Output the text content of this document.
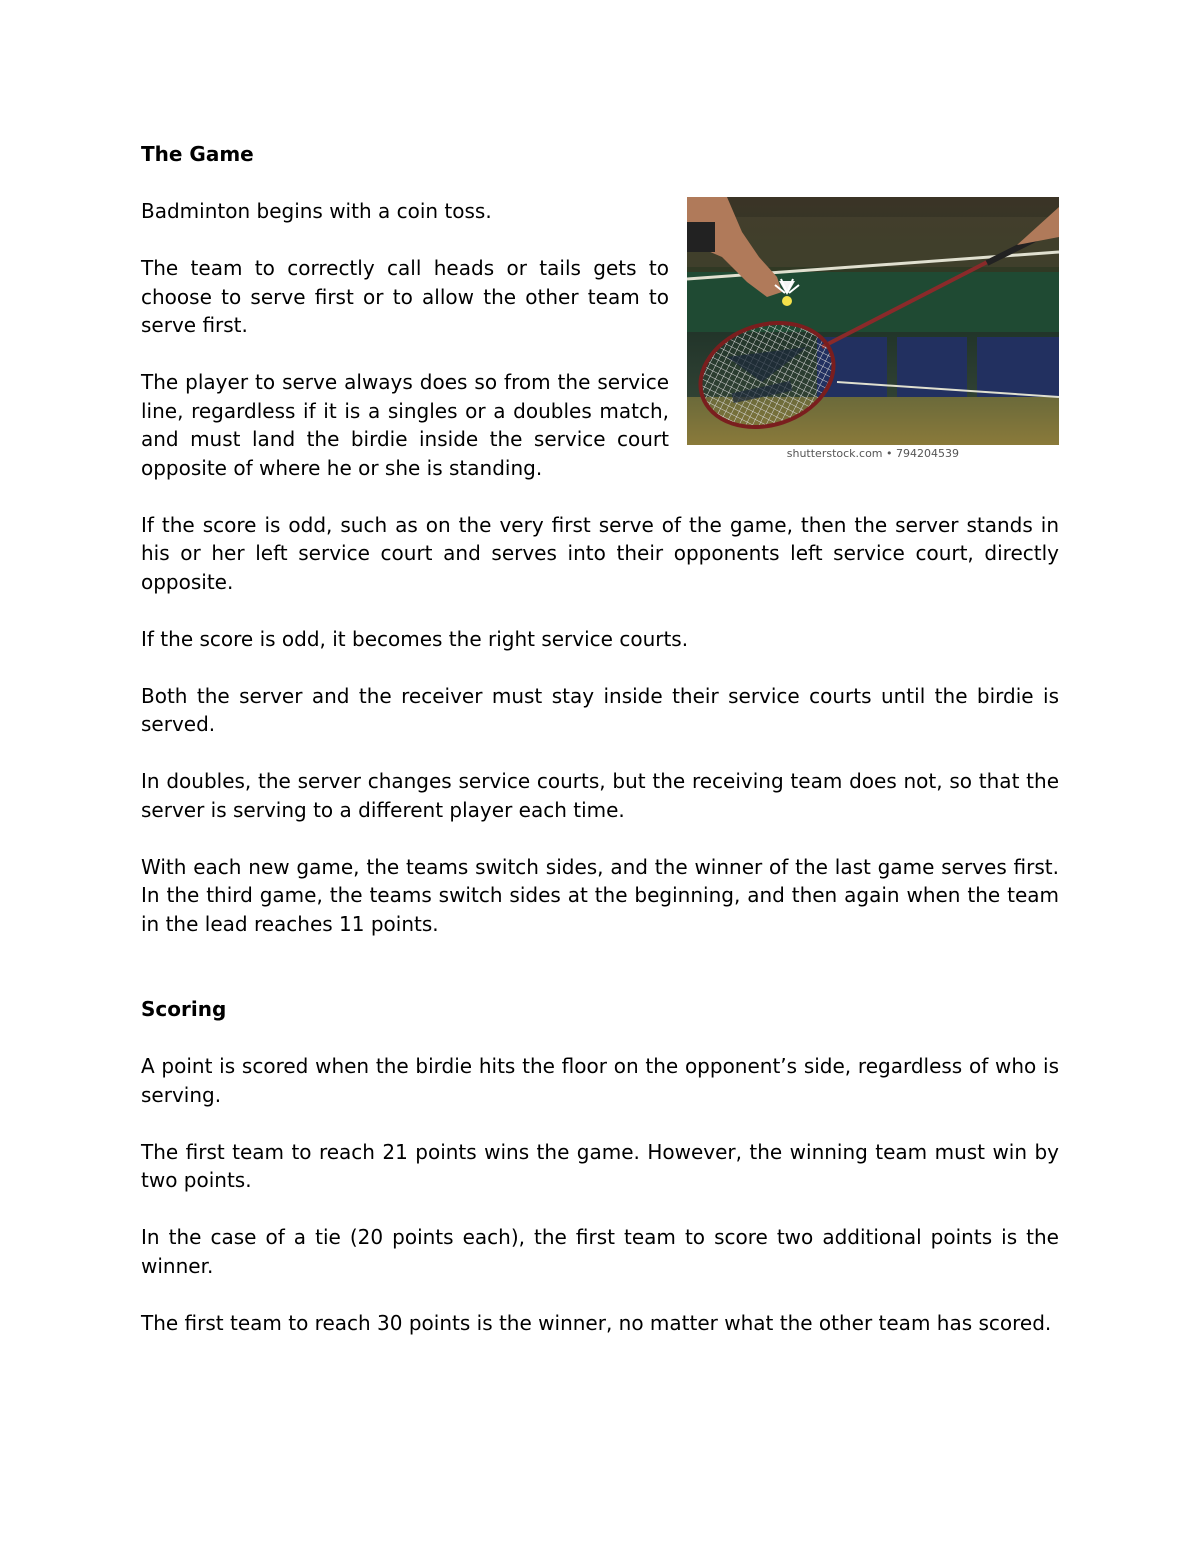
The Game

shutterstock.com • 794204539

Badminton begins with a coin toss.

The team to correctly call heads or tails gets to choose to serve first or to allow the other team to serve first.

The player to serve always does so from the service line, regardless if it is a singles or a doubles match, and must land the birdie inside the service court opposite of where he or she is standing.

If the score is odd, such as on the very first serve of the game, then the server stands in his or her left service court and serves into their opponents left service court, directly opposite.

If the score is odd, it becomes the right service courts.

Both the server and the receiver must stay inside their service courts until the birdie is served.

In doubles, the server changes service courts, but the receiving team does not, so that the server is serving to a different player each time.

With each new game, the teams switch sides, and the winner of the last game serves first. In the third game, the teams switch sides at the beginning, and then again when the team in the lead reaches 11 points.

Scoring

A point is scored when the birdie hits the floor on the opponent’s side, regardless of who is serving.

The first team to reach 21 points wins the game. However, the winning team must win by two points.

In the case of a tie (20 points each), the first team to score two additional points is the winner.

The first team to reach 30 points is the winner, no matter what the other team has scored.
